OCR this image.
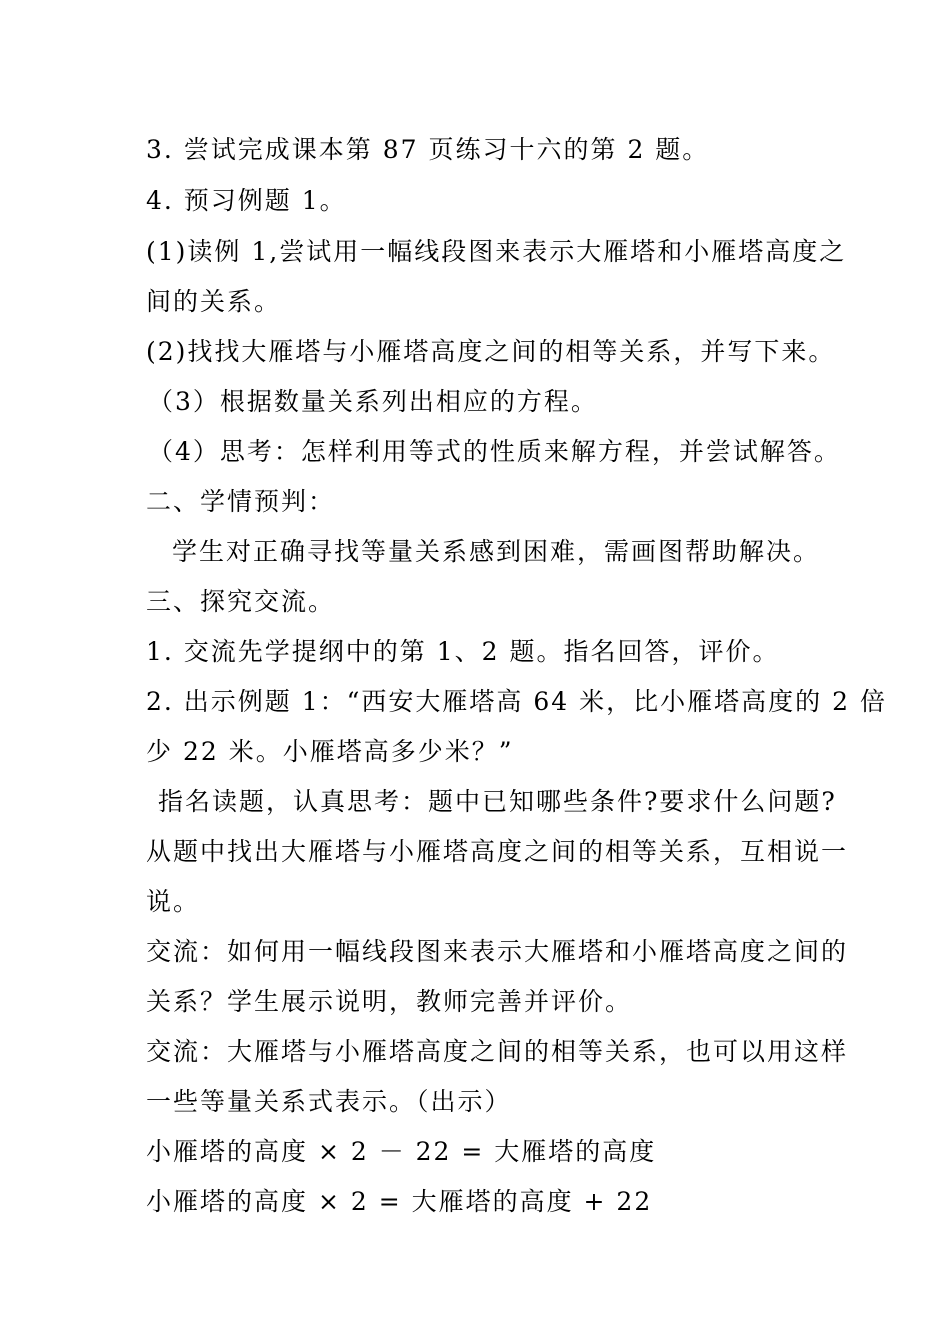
3. 尝试完成课本第 87 页练习十六的第 2 题。
4. 预习例题 1。
(1)读例 1,尝试用一幅线段图来表示大雁塔和小雁塔高度之
间的关系。
(2)找找大雁塔与小雁塔高度之间的相等关系，并写下来。
（3）根据数量关系列出相应的方程。
（4）思考：怎样利用等式的性质来解方程，并尝试解答。
二、学情预判：
学生对正确寻找等量关系感到困难，需画图帮助解决。
三、探究交流。
1. 交流先学提纲中的第 1、2 题。指名回答，评价。
2. 出示例题 1：“西安大雁塔高 64 米，比小雁塔高度的 2 倍
少 22 米。小雁塔高多少米？”
指名读题，认真思考：题中已知哪些条件?要求什么问题?
从题中找出大雁塔与小雁塔高度之间的相等关系，互相说一
说。
交流：如何用一幅线段图来表示大雁塔和小雁塔高度之间的
关系？学生展示说明，教师完善并评价。
交流：大雁塔与小雁塔高度之间的相等关系，也可以用这样
一些等量关系式表示。（出示）
小雁塔的高度 × 2 － 22 = 大雁塔的高度
小雁塔的高度 × 2 = 大雁塔的高度 + 22
